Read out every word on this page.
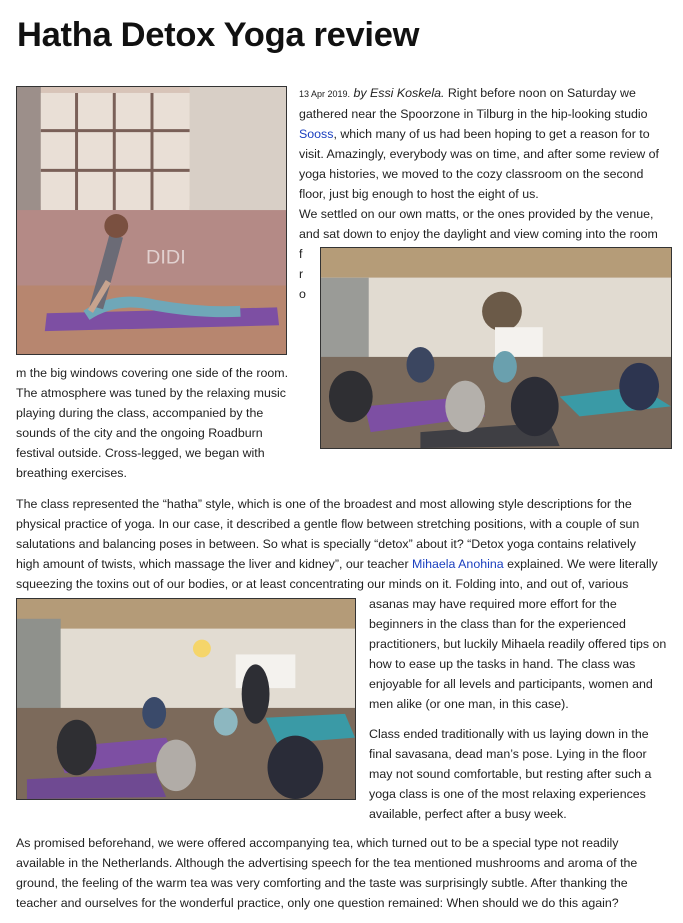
Hatha Detox Yoga review
DIDI
13 Apr 2019. by Essi Koskela. Right before noon on Saturday we
gathered near the Spoorzone in Tilburg in the hip-looking studio
Sooss, which many of us had been hoping to get a reason for to
visit. Amazingly, everybody was on time, and after some review of
yoga histories, we moved to the cozy classroom on the second
floor, just big enough to host the eight of us.
We settled on our own matts, or the ones provided by the venue,
and sat down to enjoy the daylight and view coming into the room
f
r
o
m the big windows covering one side of the room.
The atmosphere was tuned by the relaxing music
playing during the class, accompanied by the
sounds of the city and the ongoing Roadburn
festival outside. Cross-legged, we began with
breathing exercises.
The class represented the “hatha” style, which is one of the broadest and most allowing style descriptions for the
physical practice of yoga. In our case, it described a gentle flow between stretching positions, with a couple of sun
salutations and balancing poses in between. So what is specially “detox” about it? “Detox yoga contains relatively
high amount of twists, which massage the liver and kidney”, our teacher Mihaela Anohina explained. We were literally
squeezing the toxins out of our bodies, or at least concentrating our minds on it. Folding into, and out of, various
asanas may have required more effort for the
beginners in the class than for the experienced
practitioners, but luckily Mihaela readily offered tips on
how to ease up the tasks in hand. The class was
enjoyable for all levels and participants, women and
men alike (or one man, in this case).
Class ended traditionally with us laying down in the
final savasana, dead man’s pose. Lying in the floor
may not sound comfortable, but resting after such a
yoga class is one of the most relaxing experiences
available, perfect after a busy week.
As promised beforehand, we were offered accompanying tea, which turned out to be a special type not readily
available in the Netherlands. Although the advertising speech for the tea mentioned mushrooms and aroma of the
ground, the feeling of the warm tea was very comforting and the taste was surprisingly subtle. After thanking the
teacher and ourselves for the wonderful practice, only one question remained: When should we do this again?
